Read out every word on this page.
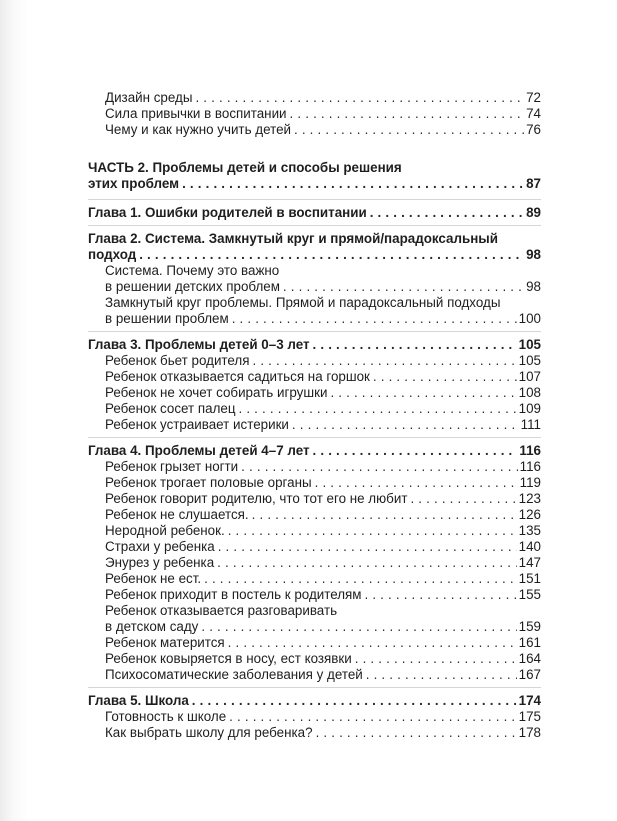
Дизайн среды . . .	72
Сила привычки в воспитании . . .	74
Чему и как нужно учить детей . . .	76
ЧАСТЬ 2. Проблемы детей и способы решения
этих проблем . . .	87
Глава 1. Ошибки родителей в воспитании . . .	89
Глава 2. Система. Замкнутый круг и прямой/парадоксальный
подход . . .	98
Система. Почему это важно
в решении детских проблем . . .	98
Замкнутый круг проблемы. Прямой и парадоксальный подходы
в решении проблем . . .	100
Глава 3. Проблемы детей 0–3 лет . . .	105
Ребенок бьет родителя . . .	105
Ребенок отказывается садиться на горшок . . .	107
Ребенок не хочет собирать игрушки . . .	108
Ребенок сосет палец . . .	109
Ребенок устраивает истерики . . .	111
Глава 4. Проблемы детей 4–7 лет . . .	116
Ребенок грызет ногти . . .	116
Ребенок трогает половые органы . . .	119
Ребенок говорит родителю, что тот его не любит . . .	123
Ребенок не слушается. . . .	126
Неродной ребенок. . . .	135
Страхи у ребенка . . .	140
Энурез у ребенка . . .	147
Ребенок не ест. . . .	151
Ребенок приходит в постель к родителям . . .	155
Ребенок отказывается разговаривать
в детском саду . . .	159
Ребенок матерится . . .	161
Ребенок ковыряется в носу, ест козявки . . .	164
Психосоматические заболевания у детей . . .	167
Глава 5. Школа . . .	174
Готовность к школе . . .	175
Как выбрать школу для ребенка? . . .	178
